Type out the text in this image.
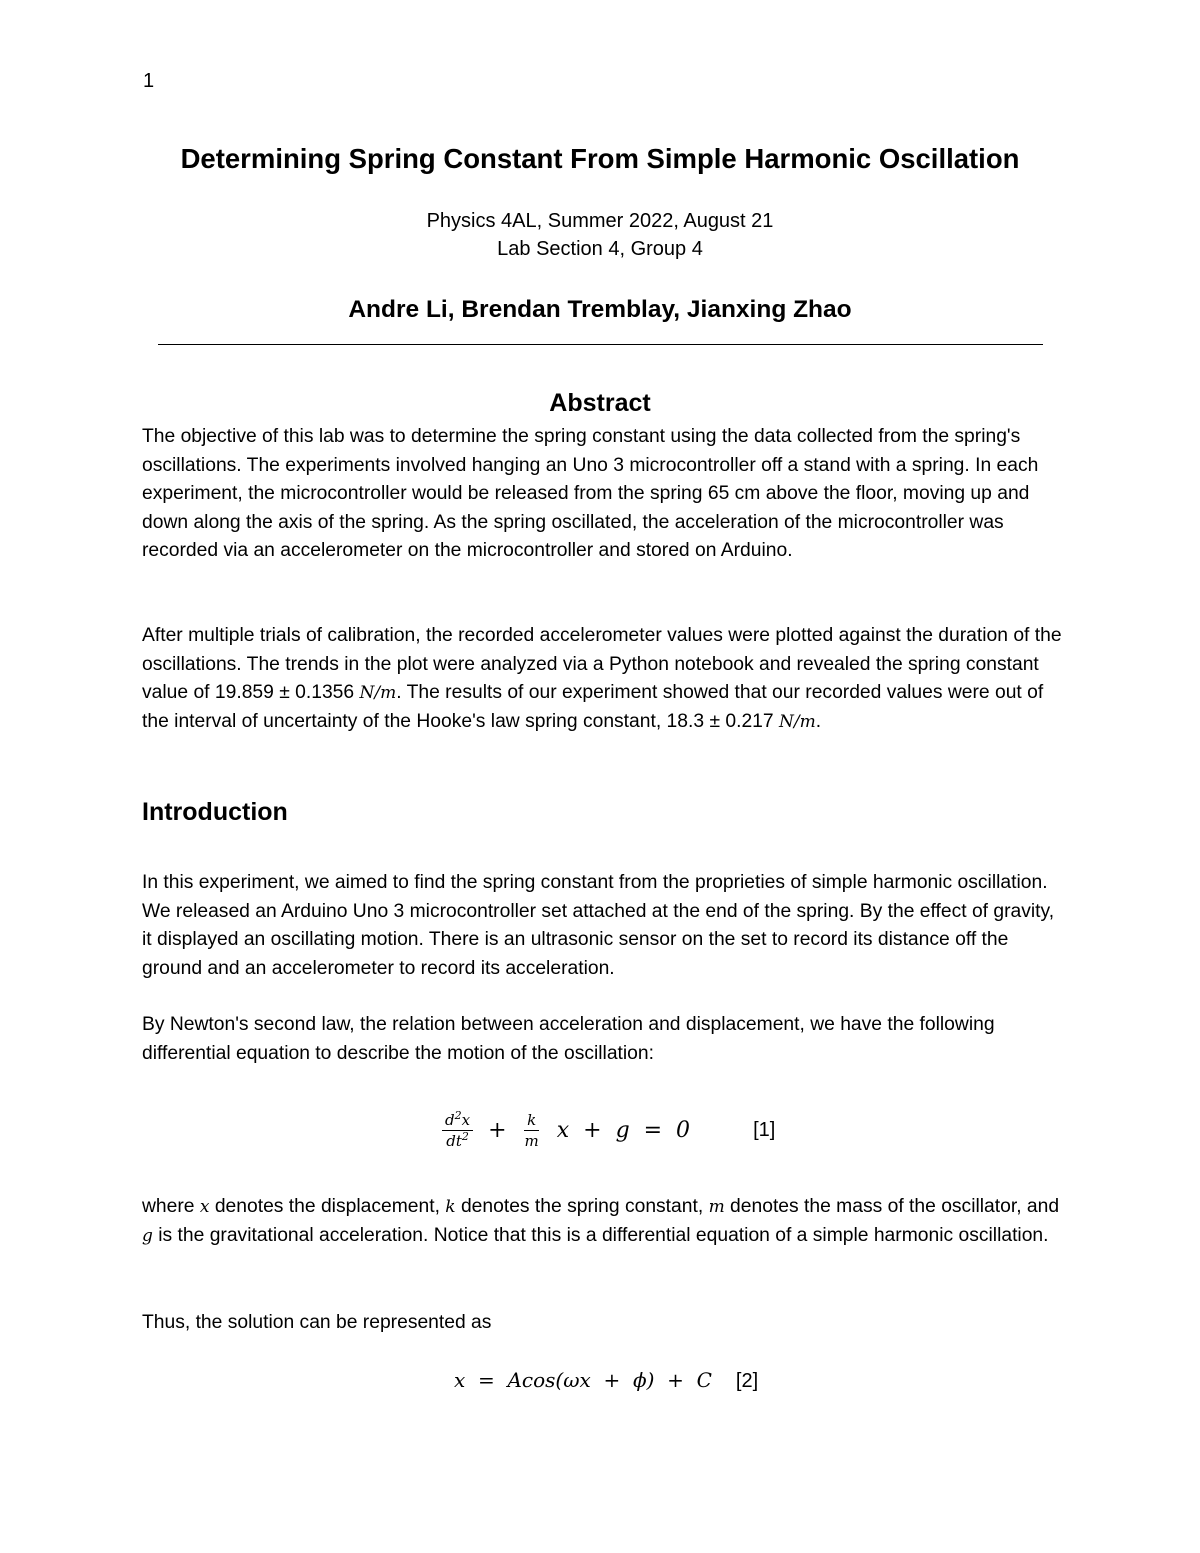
1
Determining Spring Constant From Simple Harmonic Oscillation
Physics 4AL, Summer 2022, August 21
Lab Section 4, Group 4
Andre Li, Brendan Tremblay, Jianxing Zhao
Abstract
The objective of this lab was to determine the spring constant using the data collected from the spring's oscillations. The experiments involved hanging an Uno 3 microcontroller off a stand with a spring. In each experiment, the microcontroller would be released from the spring 65 cm above the floor, moving up and down along the axis of the spring. As the spring oscillated, the acceleration of the microcontroller was recorded via an accelerometer on the microcontroller and stored on Arduino.
After multiple trials of calibration, the recorded accelerometer values were plotted against the duration of the oscillations. The trends in the plot were analyzed via a Python notebook and revealed the spring constant value of 19.859 ± 0.1356 N/m. The results of our experiment showed that our recorded values were out of the interval of uncertainty of the Hooke's law spring constant, 18.3 ± 0.217 N/m.
Introduction
In this experiment, we aimed to find the spring constant from the proprieties of simple harmonic oscillation. We released an Arduino Uno 3 microcontroller set attached at the end of the spring. By the effect of gravity, it displayed an oscillating motion. There is an ultrasonic sensor on the set to record its distance off the ground and an accelerometer to record its acceleration.
By Newton's second law, the relation between acceleration and displacement, we have the following differential equation to describe the motion of the oscillation:
$\frac{d^2x}{dt^2} + \frac{k}{m}$ x  +  g  =  0	[1]
where x denotes the displacement, k denotes the spring constant, m denotes the mass of the oscillator, and g is the gravitational acceleration. Notice that this is a differential equation of a simple harmonic oscillation.
Thus, the solution can be represented as
x  =  Acos(ωx  +  ϕ)  +  C [2]
